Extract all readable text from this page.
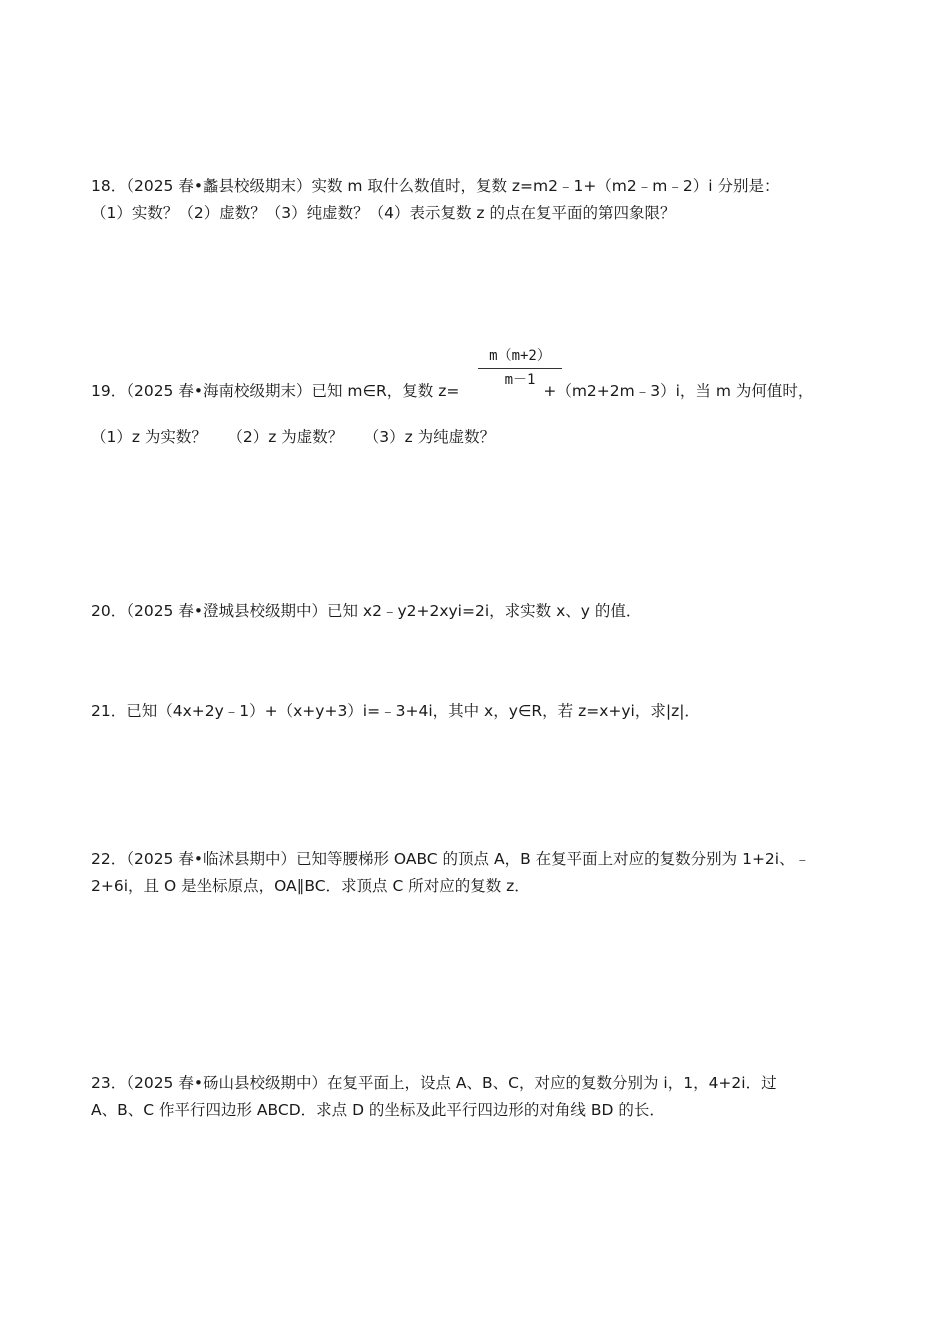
18．（2025 春•蠡县校级期末）实数 m 取什么数值时，复数 z=m2﹣1+（m2﹣m﹣2）i 分别是：
（1）实数？（2）虚数？（3）纯虚数？（4）表示复数 z 的点在复平面的第四象限？
19．（2025 春•海南校级期末）已知 m∈R，复数 z=	+（m2+2m﹣3）i，当 m 为何值时，
m（m+2）
m－1
（1）z 为实数？　 （2）z 为虚数？　 （3）z 为纯虚数？
20．（2025 春•澄城县校级期中）已知 x2﹣y2+2xyi=2i，求实数 x、y 的值．
21．已知（4x+2y﹣1）+（x+y+3）i=﹣3+4i，其中 x，y∈R，若 z=x+yi，求|z|．
22．（2025 春•临沭县期中）已知等腰梯形 OABC 的顶点 A，B 在复平面上对应的复数分别为 1+2i、﹣
2+6i，且 O 是坐标原点，OA∥BC．求顶点 C 所对应的复数 z．
23．（2025 春•砀山县校级期中）在复平面上，设点 A、B、C，对应的复数分别为 i，1，4+2i．过
A、B、C 作平行四边形 ABCD．求点 D 的坐标及此平行四边形的对角线 BD 的长．
